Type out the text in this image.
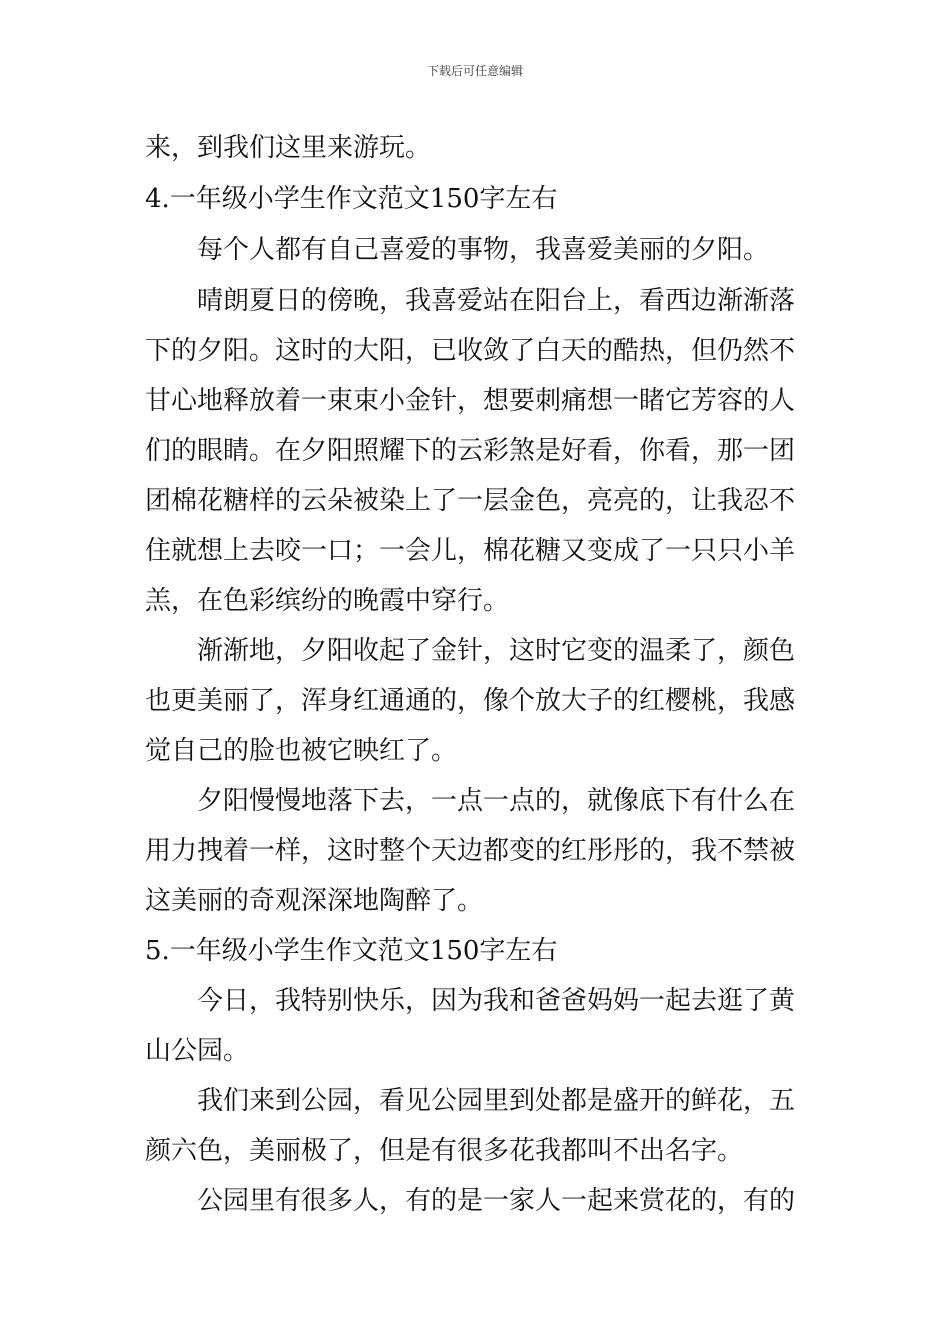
下载后可任意编辑
来，到我们这里来游玩。
4.一年级小学生作文范文150字左右
每个人都有自己喜爱的事物，我喜爱美丽的夕阳。
晴朗夏日的傍晚，我喜爱站在阳台上，看西边渐渐落
下的夕阳。这时的大阳，已收敛了白天的酷热，但仍然不
甘心地释放着一束束小金针，想要刺痛想一睹它芳容的人
们的眼睛。在夕阳照耀下的云彩煞是好看，你看，那一团
团棉花糖样的云朵被染上了一层金色，亮亮的，让我忍不
住就想上去咬一口；一会儿，棉花糖又变成了一只只小羊
羔，在色彩缤纷的晚霞中穿行。
渐渐地，夕阳收起了金针，这时它变的温柔了，颜色
也更美丽了，浑身红通通的，像个放大子的红樱桃，我感
觉自己的脸也被它映红了。
夕阳慢慢地落下去，一点一点的，就像底下有什么在
用力拽着一样，这时整个天边都变的红彤彤的，我不禁被
这美丽的奇观深深地陶醉了。
5.一年级小学生作文范文150字左右
今日，我特别快乐，因为我和爸爸妈妈一起去逛了黄
山公园。
我们来到公园，看见公园里到处都是盛开的鲜花，五
颜六色，美丽极了，但是有很多花我都叫不出名字。
公园里有很多人，有的是一家人一起来赏花的，有的
